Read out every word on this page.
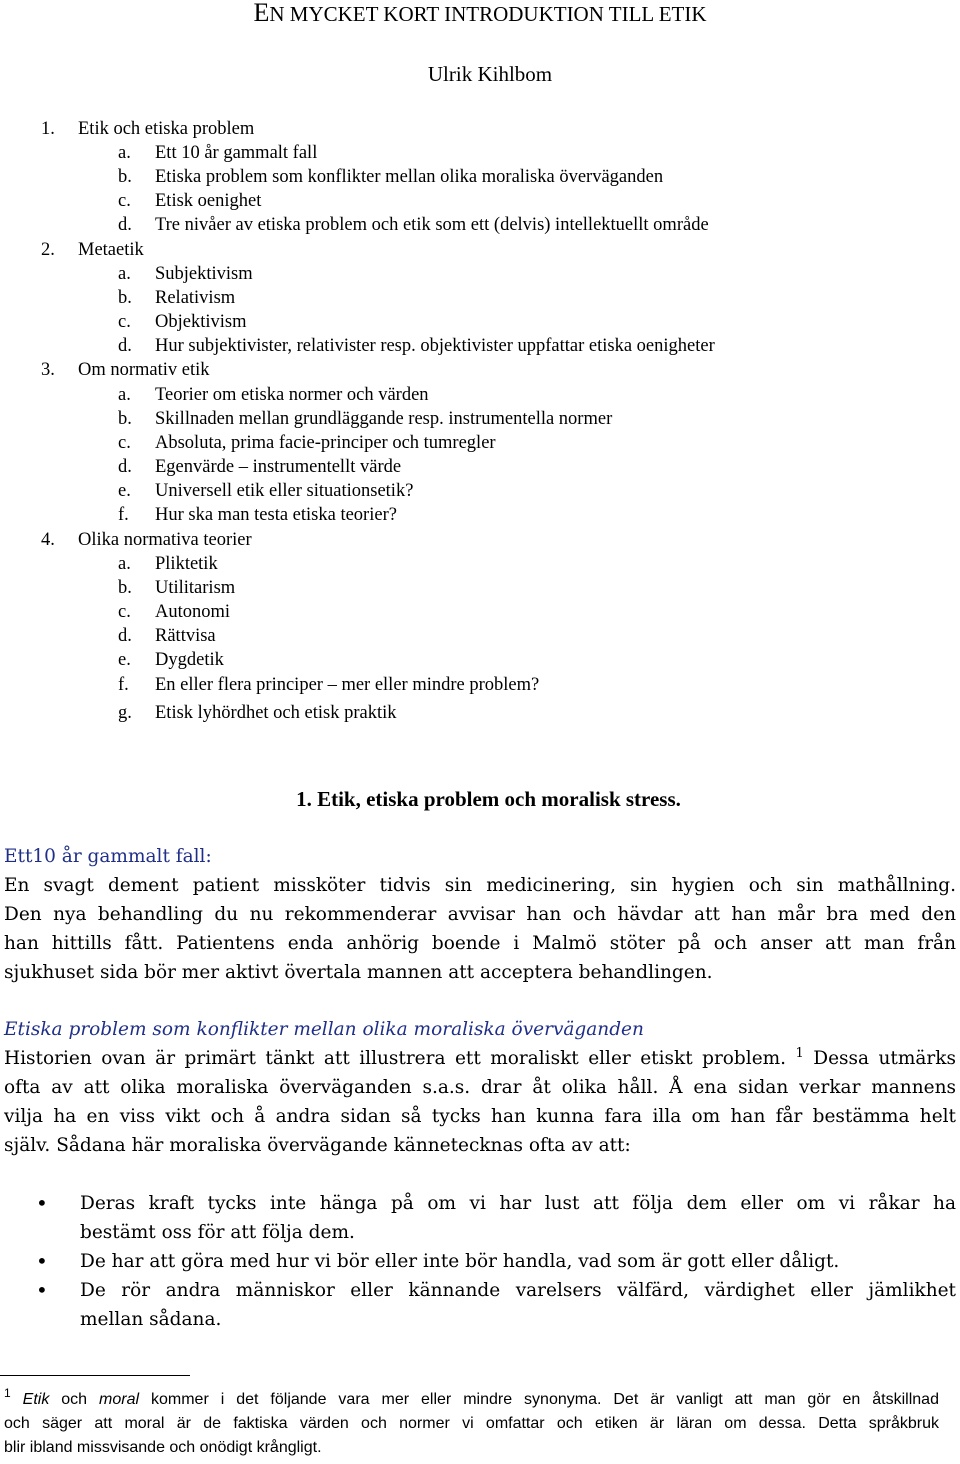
EN MYCKET KORT INTRODUKTION TILL ETIK
Ulrik Kihlbom
1. Etik och etiska problem
a. Ett 10 år gammalt fall
b. Etiska problem som konflikter mellan olika moraliska överväganden
c. Etisk oenighet
d. Tre nivåer av etiska problem och etik som ett (delvis) intellektuellt område
2. Metaetik
a. Subjektivism
b. Relativism
c. Objektivism
d. Hur subjektivister, relativister resp. objektivister uppfattar etiska oenigheter
3. Om normativ etik
a. Teorier om etiska normer och värden
b. Skillnaden mellan grundläggande resp. instrumentella normer
c. Absoluta, prima facie-principer och tumregler
d. Egenvärde – instrumentellt värde
e. Universell etik eller situationsetik?
f. Hur ska man testa etiska teorier?
4. Olika normativa teorier
a. Pliktetik
b. Utilitarism
c. Autonomi
d. Rättvisa
e. Dygdetik
f. En eller flera principer – mer eller mindre problem?
g. Etisk lyhördhet och etisk praktik
1. Etik, etiska problem och moralisk stress.
Ett10 år gammalt fall:
En svagt dement patient missköter tidvis sin medicinering, sin hygien och sin mathållning.
Den nya behandling du nu rekommenderar avvisar han och hävdar att han mår bra med den
han hittills fått. Patientens enda anhörig boende i Malmö stöter på och anser att man från
sjukhuset sida bör mer aktivt övertala mannen att acceptera behandlingen.
Etiska problem som konflikter mellan olika moraliska överväganden
Historien ovan är primärt tänkt att illustrera ett moraliskt eller etiskt problem. $^1$ Dessa utmärks
ofta av att olika moraliska överväganden s.a.s. drar åt olika håll. Å ena sidan verkar mannens
vilja ha en viss vikt och å andra sidan så tycks han kunna fara illa om han får bestämma helt
själv. Sådana här moraliska övervägande kännetecknas ofta av att:
• Deras kraft tycks inte hänga på om vi har lust att följa dem eller om vi råkar ha
bestämt oss för att följa dem.
• De har att göra med hur vi bör eller inte bör handla, vad som är gott eller dåligt.
• De rör andra människor eller kännande varelsers välfärd, värdighet eller jämlikhet
mellan sådana.
$^1$ Etik och moral kommer i det följande vara mer eller mindre synonyma. Det är vanligt att man gör en åtskillnad
och säger att moral är de faktiska värden och normer vi omfattar och etiken är läran om dessa. Detta språkbruk
blir ibland missvisande och onödigt krångligt.
